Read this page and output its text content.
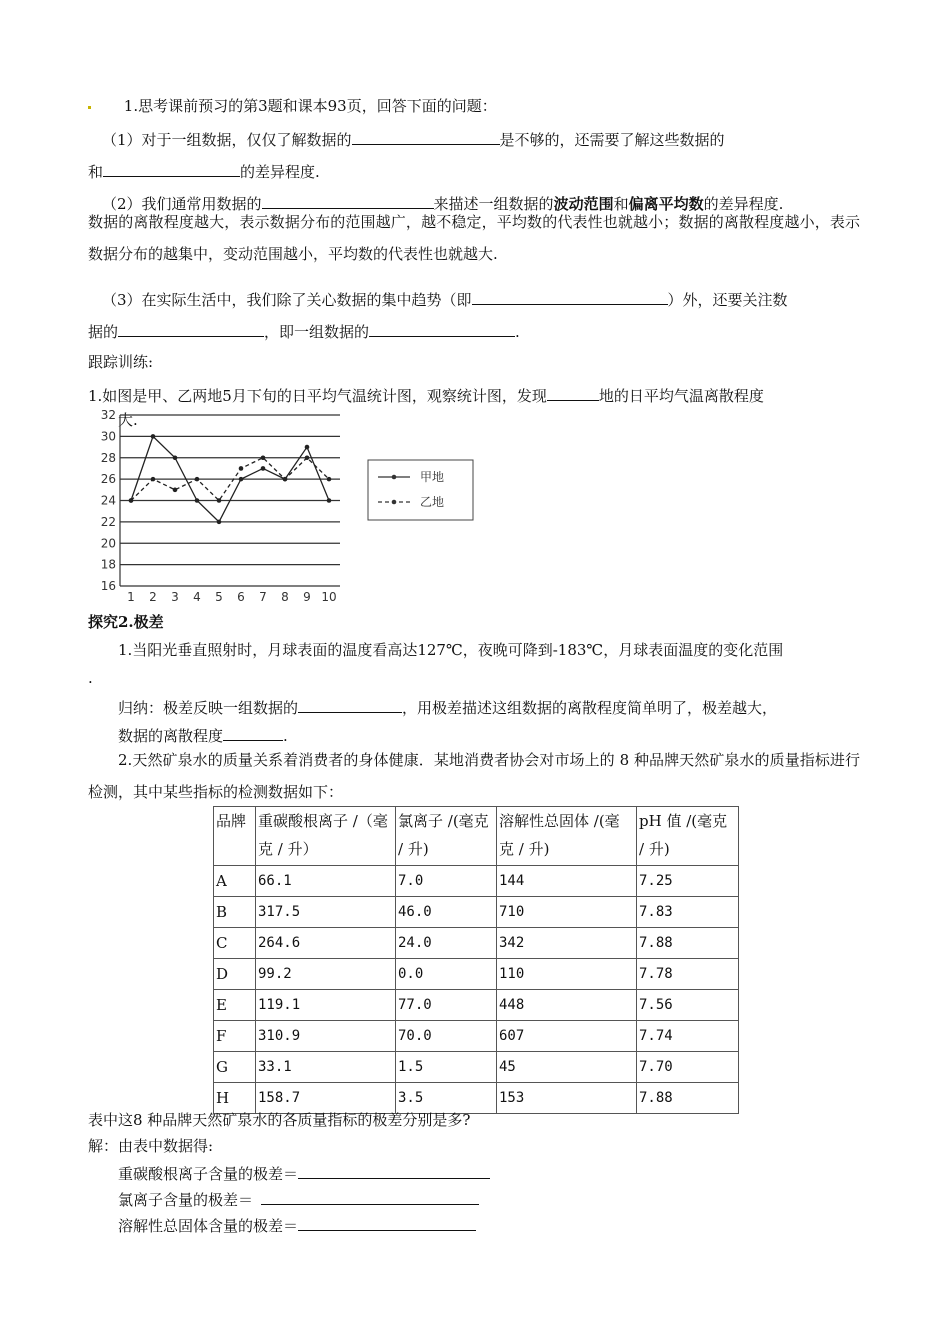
1.思考课前预习的第3题和课本93页，回答下面的问题：
（1）对于一组数据，仅仅了解数据的	是不够的，还需要了解这些数据的
和	的差异程度.
（2）我们通常用数据的	来描述一组数据的波动范围和偏离平均数的差异程度.
数据的离散程度越大，表示数据分布的范围越广，越不稳定，平均数的代表性也就越小；数据的离散程度越小，表示数据分布的越集中，变动范围越小，平均数的代表性也就越大.
（3）在实际生活中，我们除了关心数据的集中趋势（即	）外，还要关注数
据的	，即一组数据的	.
跟踪训练:
1.如图是甲、乙两地5月下旬的日平均气温统计图，观察统计图，发现	地的日平均气温离散程度
大.
16
18
20
22
24
26
28
30
32
1 2 3 4 5 6 7 8 9 10
甲地
乙地
探究2.极差
1.当阳光垂直照射时，月球表面的温度看高达127℃，夜晚可降到-183℃，月球表面温度的变化范围
.
归纳：极差反映一组数据的	，用极差描述这组数据的离散程度简单明了，极差越大，
数据的离散程度	.
2.天然矿泉水的质量关系着消费者的身体健康．某地消费者协会对市场上的 8 种品牌天然矿泉水的质量指标进行检测，其中某些指标的检测数据如下：
品牌	重碳酸根离子 /（毫克 / 升）	氯离子 /(毫克 / 升)	溶解性总固体 /(毫克 / 升)	pH 值 /(毫克 / 升)
A	66.1	7.0	144	7.25
B	317.5	46.0	710	7.83
C	264.6	24.0	342	7.88
D	99.2	0.0	110	7.78
E	119.1	77.0	448	7.56
F	310.9	70.0	607	7.74
G	33.1	1.5	45	7.70
H	158.7	3.5	153	7.88
表中这8 种品牌天然矿泉水的各质量指标的极差分别是多?
解：由表中数据得:
重碳酸根离子含量的极差＝
氯离子含量的极差＝
溶解性总固体含量的极差＝
